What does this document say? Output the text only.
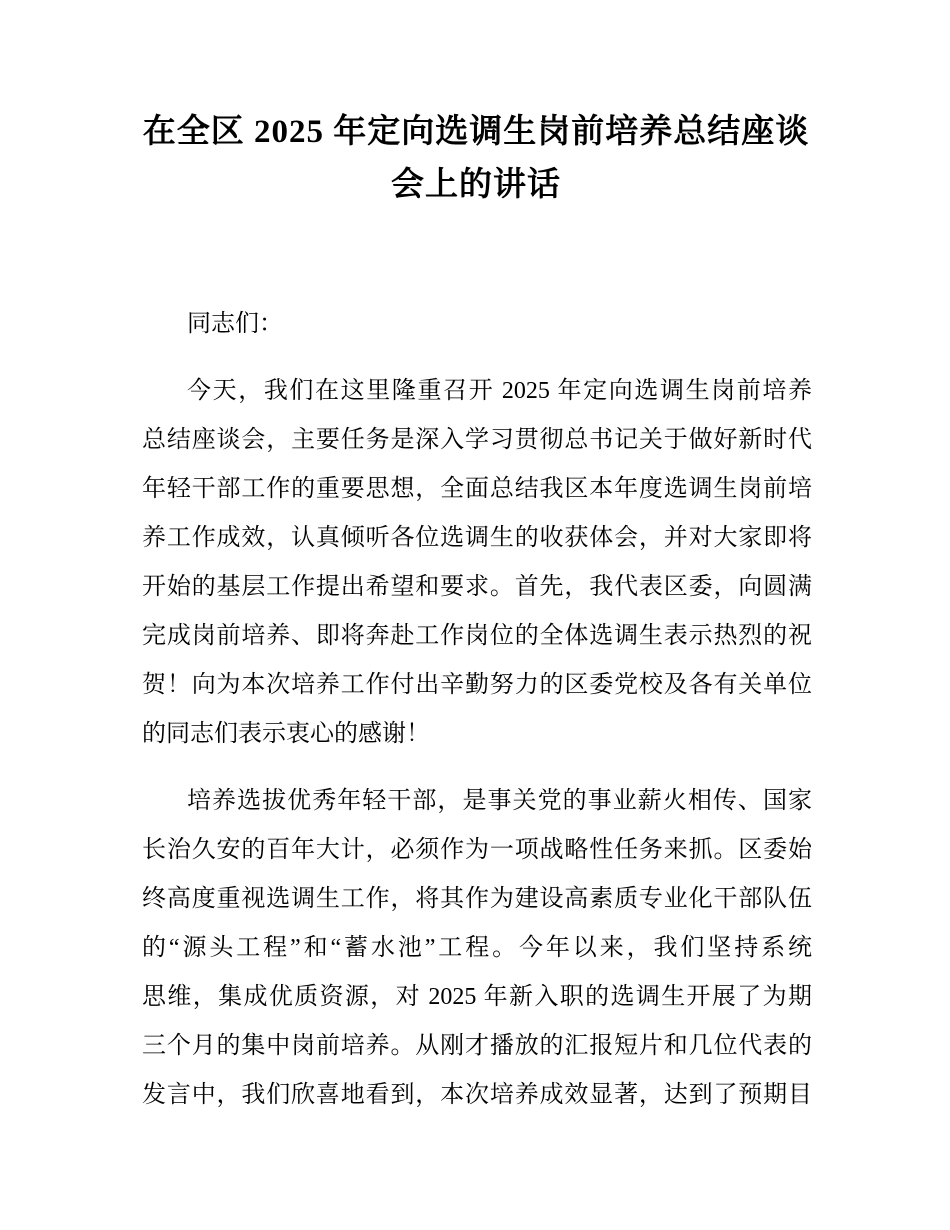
在全区 2025 年定向选调生岗前培养总结座谈
会上的讲话
同志们：
今天，我们在这里隆重召开 2025 年定向选调生岗前培养
总结座谈会，主要任务是深入学习贯彻总书记关于做好新时代
年轻干部工作的重要思想，全面总结我区本年度选调生岗前培
养工作成效，认真倾听各位选调生的收获体会，并对大家即将
开始的基层工作提出希望和要求。首先，我代表区委，向圆满
完成岗前培养、即将奔赴工作岗位的全体选调生表示热烈的祝
贺！向为本次培养工作付出辛勤努力的区委党校及各有关单位
的同志们表示衷心的感谢！
培养选拔优秀年轻干部，是事关党的事业薪火相传、国家
长治久安的百年大计，必须作为一项战略性任务来抓。区委始
终高度重视选调生工作，将其作为建设高素质专业化干部队伍
的“源头工程”和“蓄水池”工程。今年以来，我们坚持系统
思维，集成优质资源，对 2025 年新入职的选调生开展了为期
三个月的集中岗前培养。从刚才播放的汇报短片和几位代表的
发言中，我们欣喜地看到，本次培养成效显著，达到了预期目
